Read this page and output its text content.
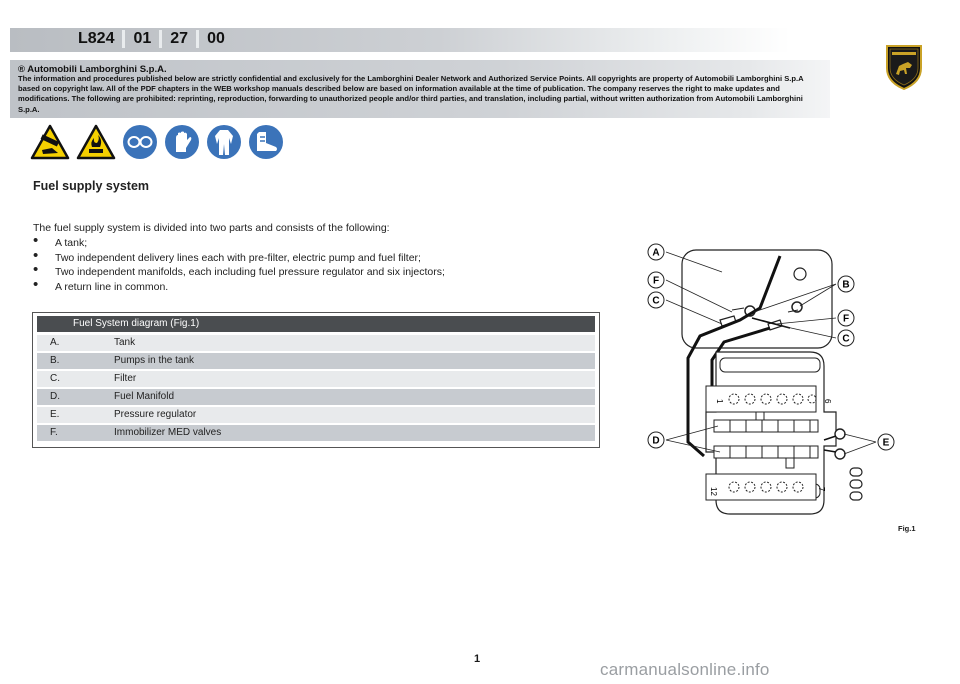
L824	01	27	00
® Automobili Lamborghini S.p.A.
The information and procedures published below are strictly confidential and exclusively for the Lamborghini Dealer Network and Authorized Service Points. All copyrights are property of Automobili Lamborghini S.p.A based on copyright law. All of the PDF chapters in the WEB workshop manuals described below are based on information available at the time of publication. The company reserves the right to make updates and modifications. The following are prohibited: reprinting, reproduction, forwarding to unauthorized people and/or third parties, and translation, including partial, without written authorization from Automobili Lamborghini S.p.A.
Fuel supply system
The fuel supply system is divided into two parts and consists of the following:
• A tank;
• Two independent delivery lines each with pre-filter, electric pump and fuel filter;
• Two independent manifolds, each including fuel pressure regulator and six injectors;
• A return line in common.
Fuel System diagram (Fig.1)
A.	Tank
B.	Pumps in the tank
C.	Filter
D.	Fuel Manifold
E.	Pressure regulator
F.	Immobilizer MED valves
1	6
12	7
A
F
C
B
F
C
D	E
Fig.1
1
carmanualsonline.info
